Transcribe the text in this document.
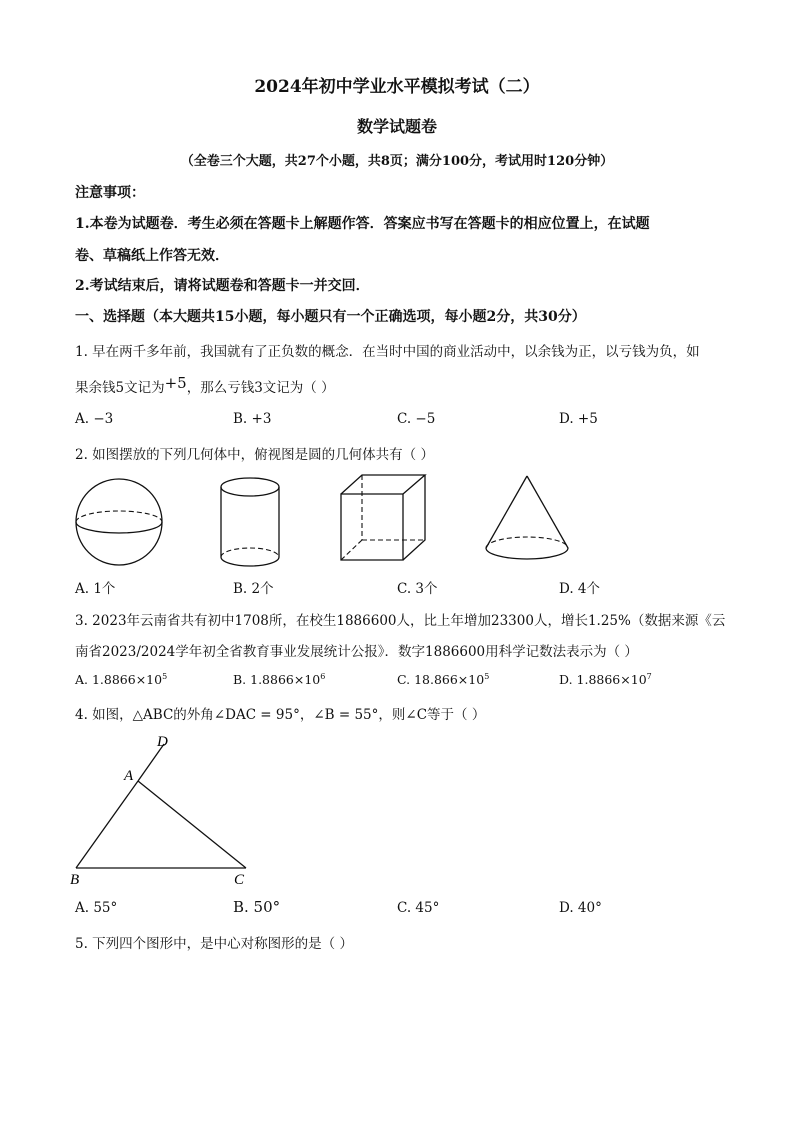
2024年初中学业水平模拟考试（二）
数学试题卷
（全卷三个大题，共27个小题，共8页；满分100分，考试用时120分钟）
注意事项：
1.本卷为试题卷．考生必须在答题卡上解题作答．答案应书写在答题卡的相应位置上，在试题
卷、草稿纸上作答无效．
2.考试结束后，请将试题卷和答题卡一并交回．
一、选择题（本大题共15小题，每小题只有一个正确选项，每小题2分，共30分）
1. 早在两千多年前，我国就有了正负数的概念．在当时中国的商业活动中，以余钱为正，以亏钱为负，如
果余钱5文记为+5，那么亏钱3文记为（ ）
A. −3	B. +3	C. −5	D. +5
2. 如图摆放的下列几何体中，俯视图是圆的几何体共有（ ）
A. 1个	B. 2个	C. 3个	D. 4个
3. 2023年云南省共有初中1708所，在校生1886600人，比上年增加23300人，增长1.25%（数据来源《云
南省2023/2024学年初全省教育事业发展统计公报》．数字1886600用科学记数法表示为（ ）
A. $1.8866\times 10^5$	B. $1.8866\times 10^6$	C. $18.866\times 10^5$	D. $1.8866\times 10^7$
4. 如图，△ABC的外角∠DAC = 95°，∠B = 55°，则∠C等于（ ）
D
A
B	C
A. 55°	B. 50°	C. 45°	D. 40°
5. 下列四个图形中，是中心对称图形的是（ ）
